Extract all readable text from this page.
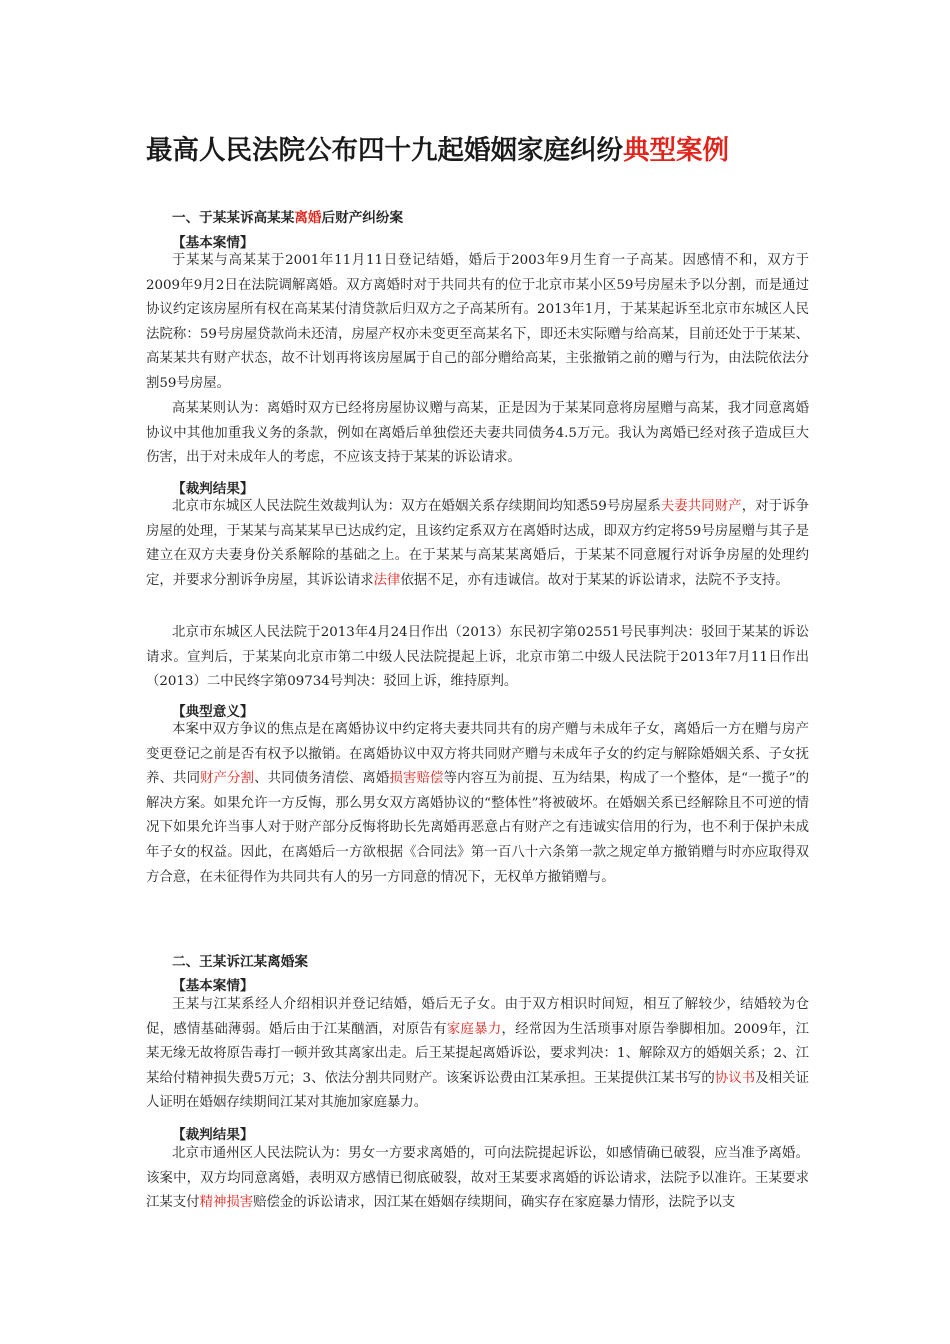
最高人民法院公布四十九起婚姻家庭纠纷典型案例
一、于某某诉高某某离婚后财产纠纷案
【基本案情】

于某某与高某某于2001年11月11日登记结婚，婚后于2003年9月生育一子高某。因感情不和，双方于2009年9月2日在法院调解离婚。双方离婚时对于共同共有的位于北京市某小区59号房屋未予以分割，而是通过协议约定该房屋所有权在高某某付清贷款后归双方之子高某所有。2013年1月，于某某起诉至北京市东城区人民法院称：59号房屋贷款尚未还清，房屋产权亦未变更至高某名下，即还未实际赠与给高某，目前还处于于某某、高某某共有财产状态，故不计划再将该房屋属于自己的部分赠给高某，主张撤销之前的赠与行为，由法院依法分割59号房屋。

高某某则认为：离婚时双方已经将房屋协议赠与高某，正是因为于某某同意将房屋赠与高某，我才同意离婚协议中其他加重我义务的条款，例如在离婚后单独偿还夫妻共同债务4.5万元。我认为离婚已经对孩子造成巨大伤害，出于对未成年人的考虑，不应该支持于某某的诉讼请求。

【裁判结果】

北京市东城区人民法院生效裁判认为：双方在婚姻关系存续期间均知悉59号房屋系夫妻共同财产，对于诉争房屋的处理，于某某与高某某早已达成约定，且该约定系双方在离婚时达成，即双方约定将59号房屋赠与其子是建立在双方夫妻身份关系解除的基础之上。在于某某与高某某离婚后，于某某不同意履行对诉争房屋的处理约定，并要求分割诉争房屋，其诉讼请求法律依据不足，亦有违诚信。故对于某某的诉讼请求，法院不予支持。

北京市东城区人民法院于2013年4月24日作出（2013）东民初字第02551号民事判决：驳回于某某的诉讼请求。宣判后，于某某向北京市第二中级人民法院提起上诉，北京市第二中级人民法院于2013年7月11日作出（2013）二中民终字第09734号判决：驳回上诉，维持原判。

【典型意义】

本案中双方争议的焦点是在离婚协议中约定将夫妻共同共有的房产赠与未成年子女，离婚后一方在赠与房产变更登记之前是否有权予以撤销。在离婚协议中双方将共同财产赠与未成年子女的约定与解除婚姻关系、子女抚养、共同财产分割、共同债务清偿、离婚损害赔偿等内容互为前提、互为结果，构成了一个整体，是“一揽子”的解决方案。如果允许一方反悔，那么男女双方离婚协议的“整体性”将被破坏。在婚姻关系已经解除且不可逆的情况下如果允许当事人对于财产部分反悔将助长先离婚再恶意占有财产之有违诚实信用的行为，也不利于保护未成年子女的权益。因此，在离婚后一方欲根据《合同法》第一百八十六条第一款之规定单方撤销赠与时亦应取得双方合意，在未征得作为共同共有人的另一方同意的情况下，无权单方撤销赠与。

二、王某诉江某离婚案
【基本案情】

王某与江某系经人介绍相识并登记结婚，婚后无子女。由于双方相识时间短，相互了解较少，结婚较为仓促，感情基础薄弱。婚后由于江某酗酒，对原告有家庭暴力，经常因为生活琐事对原告拳脚相加。2009年，江某无缘无故将原告毒打一顿并致其离家出走。后王某提起离婚诉讼，要求判决：1、解除双方的婚姻关系；2、江某给付精神损失费5万元；3、依法分割共同财产。该案诉讼费由江某承担。王某提供江某书写的协议书及相关证人证明在婚姻存续期间江某对其施加家庭暴力。

【裁判结果】

北京市通州区人民法院认为：男女一方要求离婚的，可向法院提起诉讼，如感情确已破裂，应当准予离婚。该案中，双方均同意离婚，表明双方感情已彻底破裂，故对王某要求离婚的诉讼请求，法院予以准许。王某要求江某支付精神损害赔偿金的诉讼请求，因江某在婚姻存续期间，确实存在家庭暴力情形，法院予以支
